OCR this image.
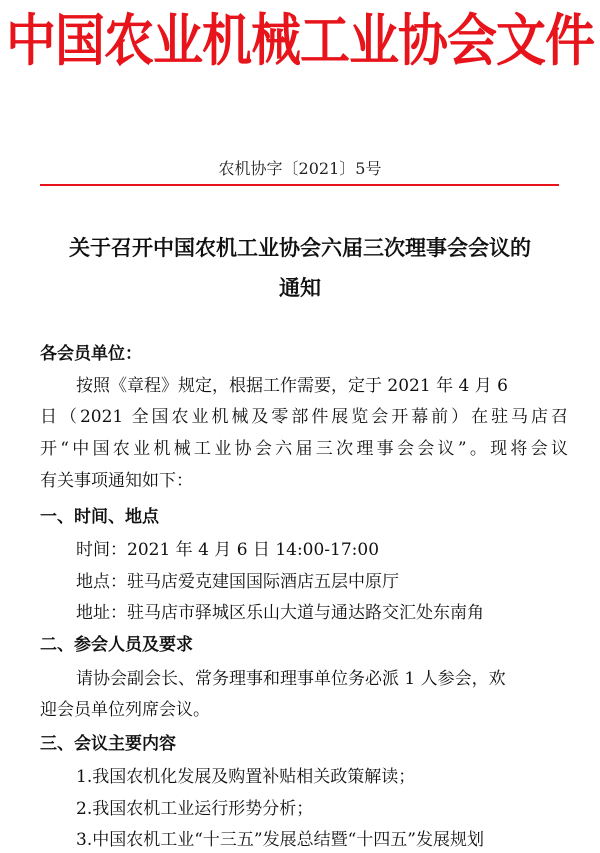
中国农业机械工业协会文件
农机协字〔2021〕5号
关于召开中国农机工业协会六届三次理事会会议的
通知
各会员单位：
按照《章程》规定，根据工作需要，定于 2021 年 4 月 6
日（2021 全国农业机械及零部件展览会开幕前）在驻马店召
开“中国农业机械工业协会六届三次理事会会议”。现将会议
有关事项通知如下：
一、时间、地点
时间：2021 年 4 月 6 日 14:00-17:00
地点：驻马店爱克建国国际酒店五层中原厅
地址：驻马店市驿城区乐山大道与通达路交汇处东南角
二、参会人员及要求
请协会副会长、常务理事和理事单位务必派 1 人参会，欢
迎会员单位列席会议。
三、会议主要内容
1.我国农机化发展及购置补贴相关政策解读；
2.我国农机工业运行形势分析；
3.中国农机工业“十三五”发展总结暨“十四五”发展规划
